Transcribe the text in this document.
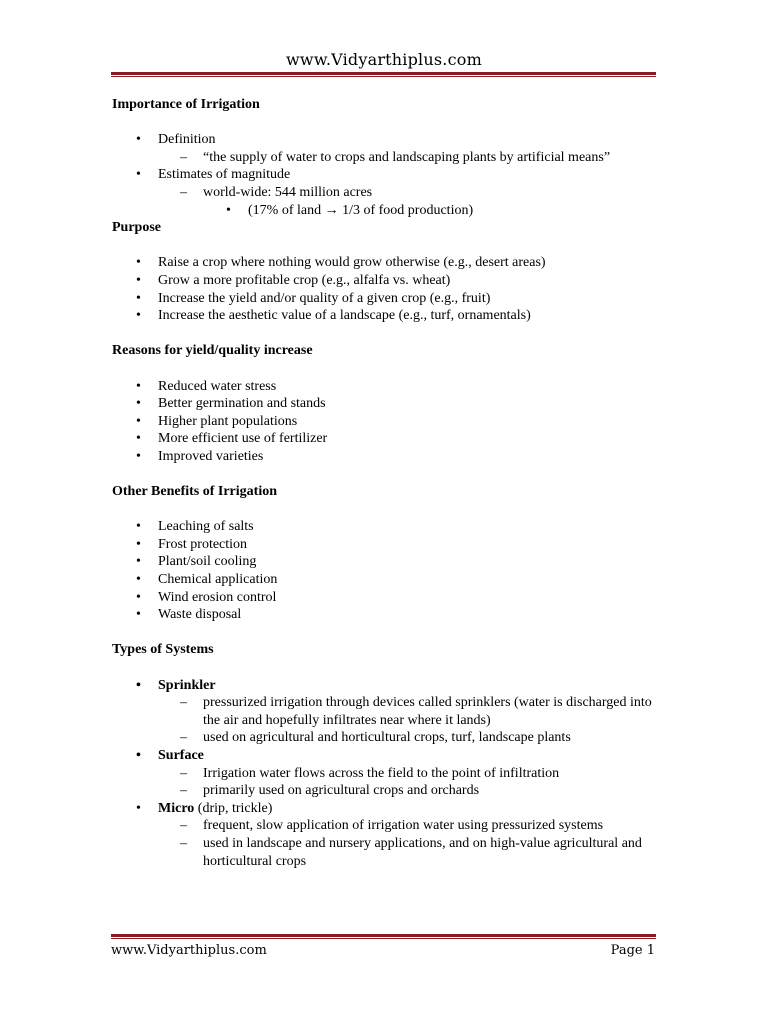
www.Vidyarthiplus.com
Importance of Irrigation
• Definition
– “the supply of water to crops and landscaping plants by artificial means”
• Estimates of magnitude
– world-wide: 544 million acres
• (17% of land → 1/3 of food production)
Purpose
• Raise a crop where nothing would grow otherwise (e.g., desert areas)
• Grow a more profitable crop (e.g., alfalfa vs. wheat)
• Increase the yield and/or quality of a given crop (e.g., fruit)
• Increase the aesthetic value of a landscape (e.g., turf, ornamentals)
Reasons for yield/quality increase
• Reduced water stress
• Better germination and stands
• Higher plant populations
• More efficient use of fertilizer
• Improved varieties
Other Benefits of Irrigation
• Leaching of salts
• Frost protection
• Plant/soil cooling
• Chemical application
• Wind erosion control
• Waste disposal
Types of Systems
• Sprinkler
– pressurized irrigation through devices called sprinklers (water is discharged into the air and hopefully infiltrates near where it lands)
– used on agricultural and horticultural crops, turf, landscape plants
• Surface
– Irrigation water flows across the field to the point of infiltration
– primarily used on agricultural crops and orchards
• Micro (drip, trickle)
– frequent, slow application of irrigation water using pressurized systems
– used in landscape and nursery applications, and on high-value agricultural and horticultural crops
www.Vidyarthiplus.com	Page 1
